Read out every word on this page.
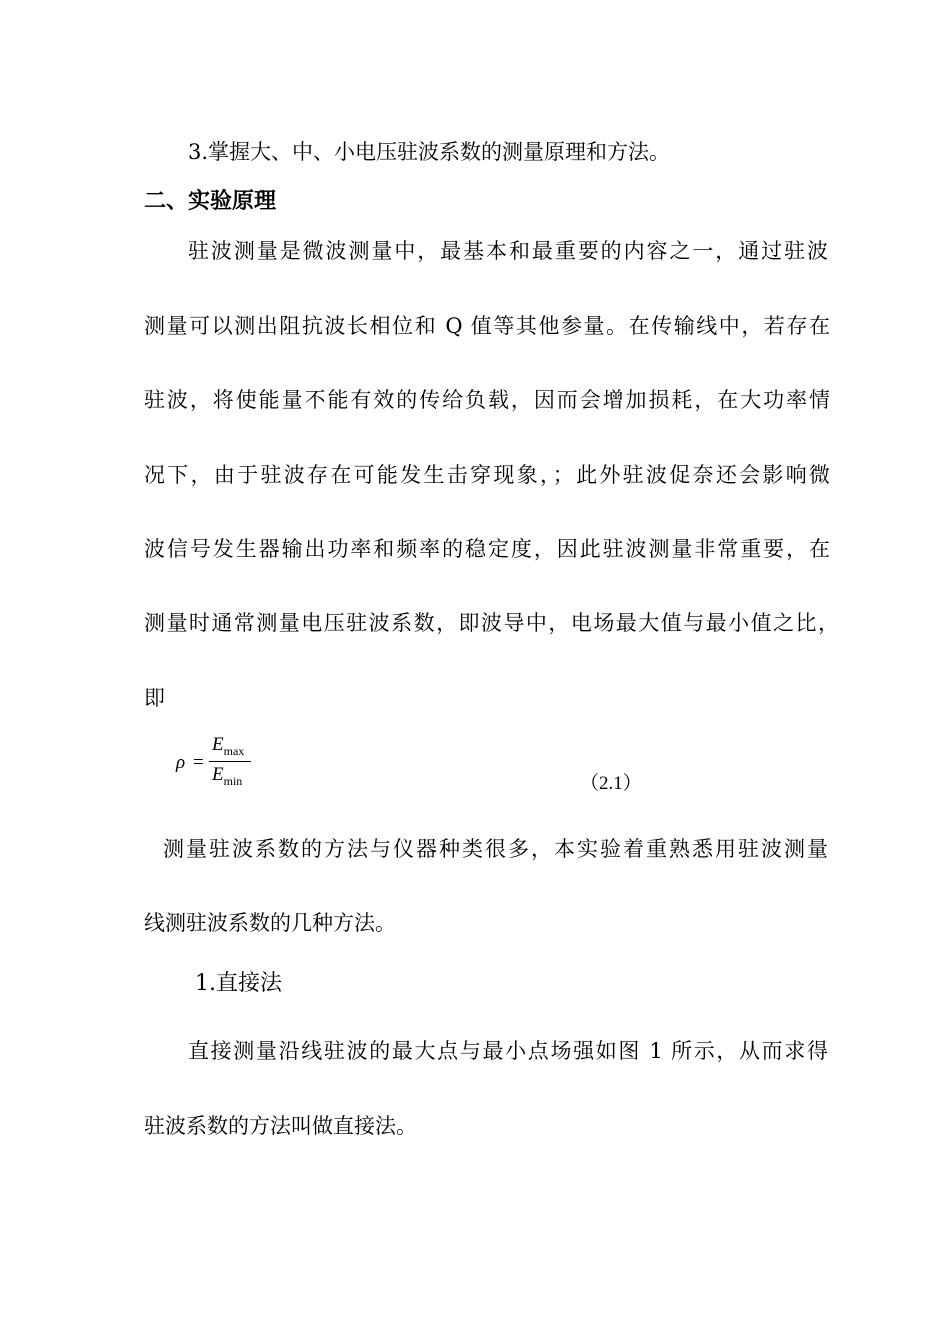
3.掌握大、中、小电压驻波系数的测量原理和方法。
二、实验原理
驻波测量是微波测量中，最基本和最重要的内容之一，通过驻波
测量可以测出阻抗波长相位和 Q 值等其他参量。在传输线中，若存在
驻波，将使能量不能有效的传给负载，因而会增加损耗，在大功率情
况下，由于驻波存在可能发生击穿现象，；此外驻波促奈还会影响微
波信号发生器输出功率和频率的稳定度，因此驻波测量非常重要，在
测量时通常测量电压驻波系数，即波导中，电场最大值与最小值之比，
即
ρ =
$E_{max}$
$E_{min}$	（2.1）
测量驻波系数的方法与仪器种类很多，本实验着重熟悉用驻波测量
线测驻波系数的几种方法。
1.直接法
直接测量沿线驻波的最大点与最小点场强如图 1 所示，从而求得
驻波系数的方法叫做直接法。
